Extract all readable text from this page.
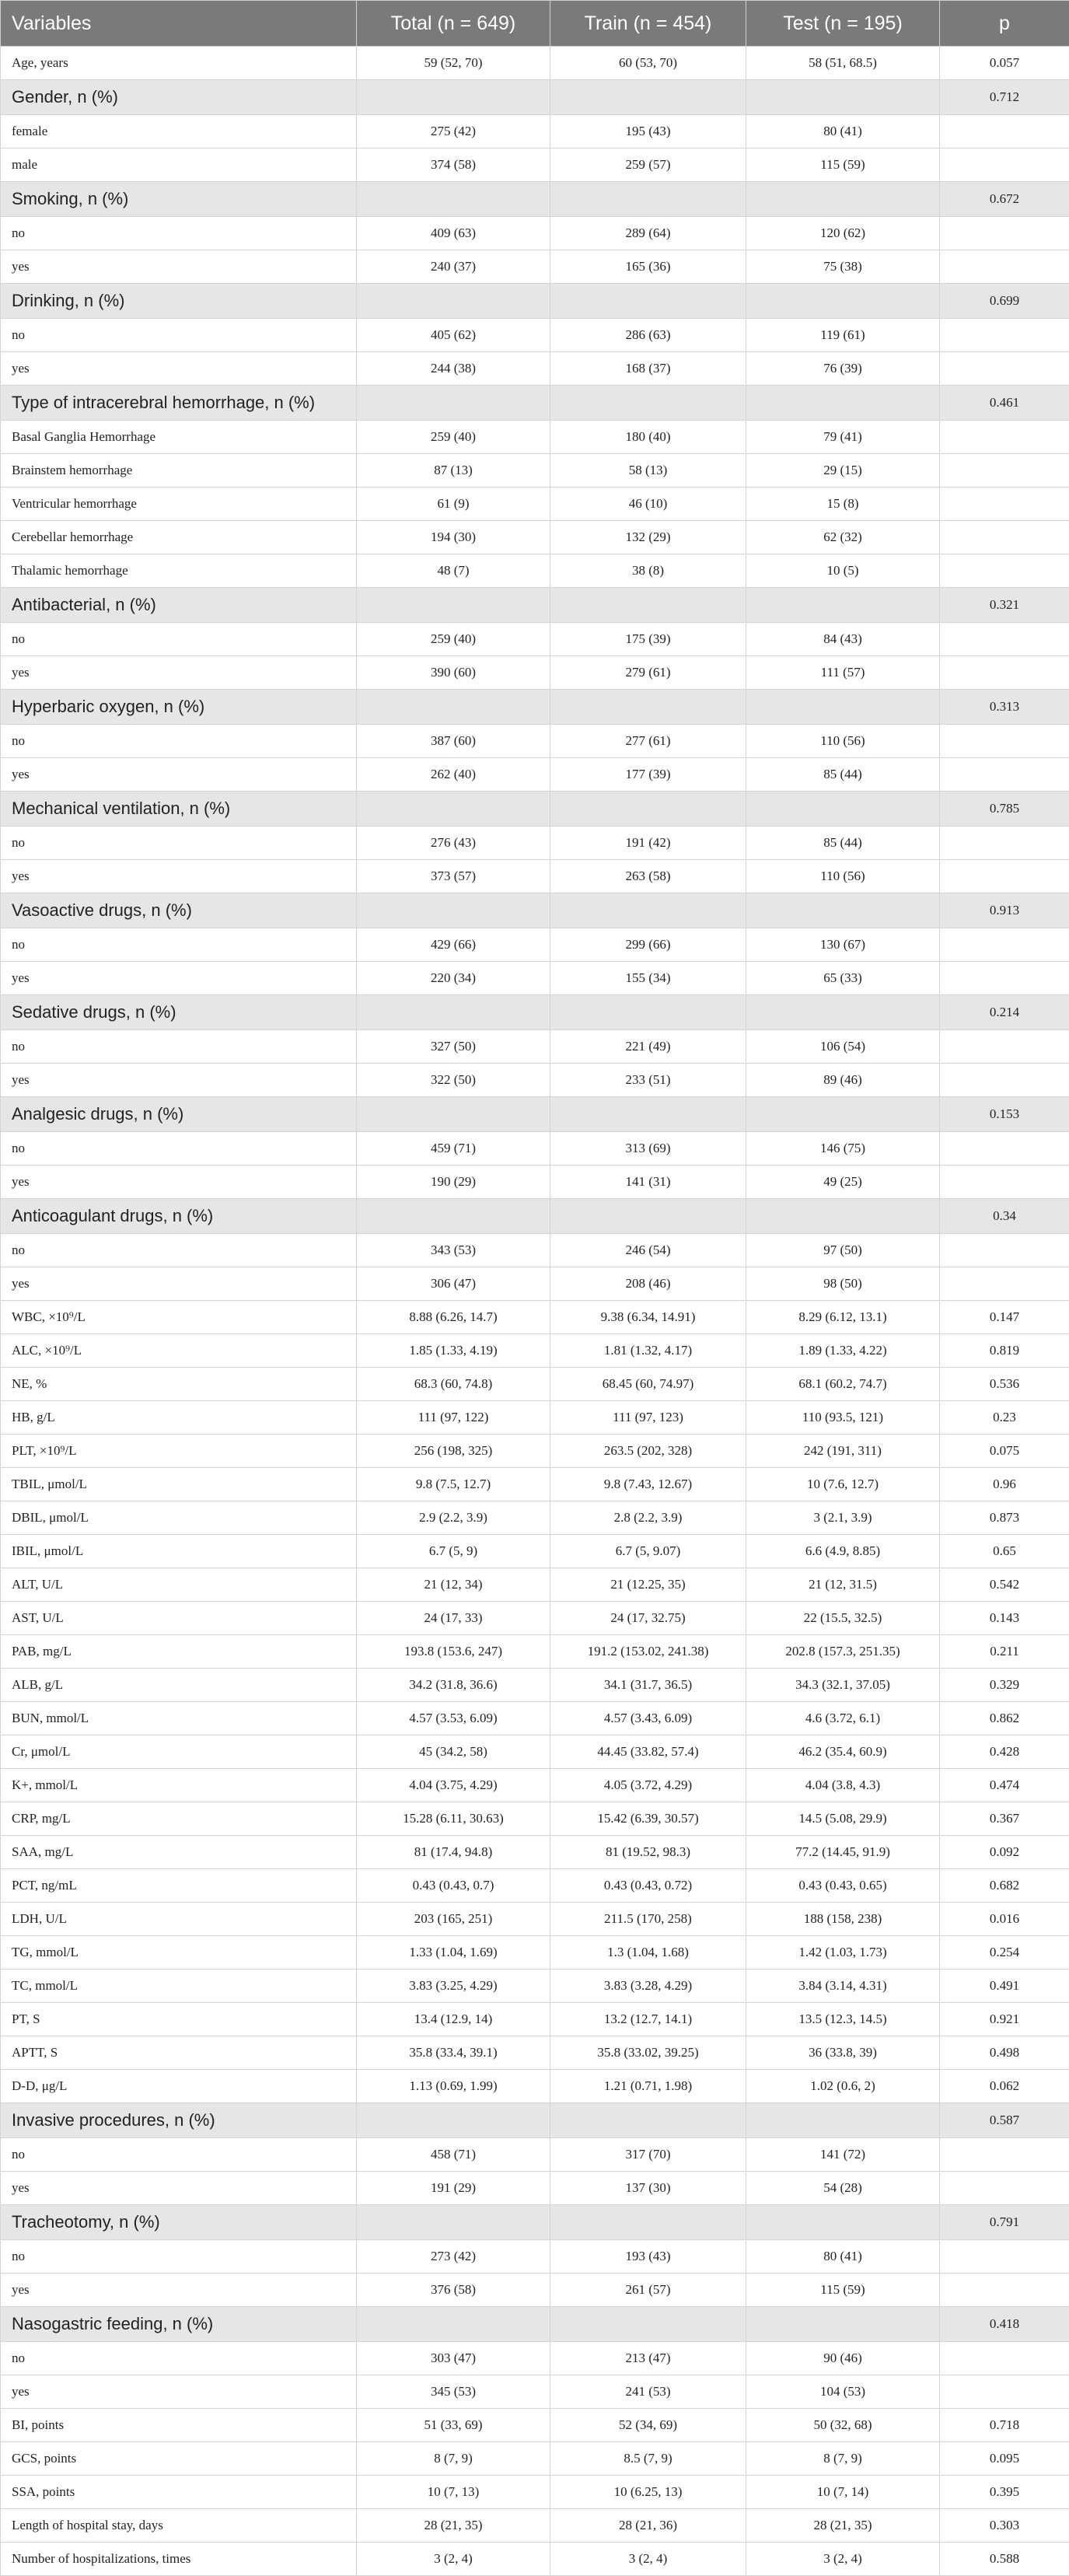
Variables	Total (n = 649)	Train (n = 454)	Test (n = 195)	p
Age, years	59 (52, 70)	60 (53, 70)	58 (51, 68.5)	0.057
Gender, n (%)				0.712
female	275 (42)	195 (43)	80 (41)	
male	374 (58)	259 (57)	115 (59)	
Smoking, n (%)				0.672
no	409 (63)	289 (64)	120 (62)	
yes	240 (37)	165 (36)	75 (38)	
Drinking, n (%)				0.699
no	405 (62)	286 (63)	119 (61)	
yes	244 (38)	168 (37)	76 (39)	
Type of intracerebral hemorrhage, n (%)				0.461
Basal Ganglia Hemorrhage	259 (40)	180 (40)	79 (41)	
Brainstem hemorrhage	87 (13)	58 (13)	29 (15)	
Ventricular hemorrhage	61 (9)	46 (10)	15 (8)	
Cerebellar hemorrhage	194 (30)	132 (29)	62 (32)	
Thalamic hemorrhage	48 (7)	38 (8)	10 (5)	
Antibacterial, n (%)				0.321
no	259 (40)	175 (39)	84 (43)	
yes	390 (60)	279 (61)	111 (57)	
Hyperbaric oxygen, n (%)				0.313
no	387 (60)	277 (61)	110 (56)	
yes	262 (40)	177 (39)	85 (44)	
Mechanical ventilation, n (%)				0.785
no	276 (43)	191 (42)	85 (44)	
yes	373 (57)	263 (58)	110 (56)	
Vasoactive drugs, n (%)				0.913
no	429 (66)	299 (66)	130 (67)	
yes	220 (34)	155 (34)	65 (33)	
Sedative drugs, n (%)				0.214
no	327 (50)	221 (49)	106 (54)	
yes	322 (50)	233 (51)	89 (46)	
Analgesic drugs, n (%)				0.153
no	459 (71)	313 (69)	146 (75)	
yes	190 (29)	141 (31)	49 (25)	
Anticoagulant drugs, n (%)				0.34
no	343 (53)	246 (54)	97 (50)	
yes	306 (47)	208 (46)	98 (50)	
WBC, ×10⁹/L	8.88 (6.26, 14.7)	9.38 (6.34, 14.91)	8.29 (6.12, 13.1)	0.147
ALC, ×10⁹/L	1.85 (1.33, 4.19)	1.81 (1.32, 4.17)	1.89 (1.33, 4.22)	0.819
NE, %	68.3 (60, 74.8)	68.45 (60, 74.97)	68.1 (60.2, 74.7)	0.536
HB, g/L	111 (97, 122)	111 (97, 123)	110 (93.5, 121)	0.23
PLT, ×10⁹/L	256 (198, 325)	263.5 (202, 328)	242 (191, 311)	0.075
TBIL, μmol/L	9.8 (7.5, 12.7)	9.8 (7.43, 12.67)	10 (7.6, 12.7)	0.96
DBIL, μmol/L	2.9 (2.2, 3.9)	2.8 (2.2, 3.9)	3 (2.1, 3.9)	0.873
IBIL, μmol/L	6.7 (5, 9)	6.7 (5, 9.07)	6.6 (4.9, 8.85)	0.65
ALT, U/L	21 (12, 34)	21 (12.25, 35)	21 (12, 31.5)	0.542
AST, U/L	24 (17, 33)	24 (17, 32.75)	22 (15.5, 32.5)	0.143
PAB, mg/L	193.8 (153.6, 247)	191.2 (153.02, 241.38)	202.8 (157.3, 251.35)	0.211
ALB, g/L	34.2 (31.8, 36.6)	34.1 (31.7, 36.5)	34.3 (32.1, 37.05)	0.329
BUN, mmol/L	4.57 (3.53, 6.09)	4.57 (3.43, 6.09)	4.6 (3.72, 6.1)	0.862
Cr, μmol/L	45 (34.2, 58)	44.45 (33.82, 57.4)	46.2 (35.4, 60.9)	0.428
K+, mmol/L	4.04 (3.75, 4.29)	4.05 (3.72, 4.29)	4.04 (3.8, 4.3)	0.474
CRP, mg/L	15.28 (6.11, 30.63)	15.42 (6.39, 30.57)	14.5 (5.08, 29.9)	0.367
SAA, mg/L	81 (17.4, 94.8)	81 (19.52, 98.3)	77.2 (14.45, 91.9)	0.092
PCT, ng/mL	0.43 (0.43, 0.7)	0.43 (0.43, 0.72)	0.43 (0.43, 0.65)	0.682
LDH, U/L	203 (165, 251)	211.5 (170, 258)	188 (158, 238)	0.016
TG, mmol/L	1.33 (1.04, 1.69)	1.3 (1.04, 1.68)	1.42 (1.03, 1.73)	0.254
TC, mmol/L	3.83 (3.25, 4.29)	3.83 (3.28, 4.29)	3.84 (3.14, 4.31)	0.491
PT, S	13.4 (12.9, 14)	13.2 (12.7, 14.1)	13.5 (12.3, 14.5)	0.921
APTT, S	35.8 (33.4, 39.1)	35.8 (33.02, 39.25)	36 (33.8, 39)	0.498
D-D, μg/L	1.13 (0.69, 1.99)	1.21 (0.71, 1.98)	1.02 (0.6, 2)	0.062
Invasive procedures, n (%)				0.587
no	458 (71)	317 (70)	141 (72)	
yes	191 (29)	137 (30)	54 (28)	
Tracheotomy, n (%)				0.791
no	273 (42)	193 (43)	80 (41)	
yes	376 (58)	261 (57)	115 (59)	
Nasogastric feeding, n (%)				0.418
no	303 (47)	213 (47)	90 (46)	
yes	345 (53)	241 (53)	104 (53)	
BI, points	51 (33, 69)	52 (34, 69)	50 (32, 68)	0.718
GCS, points	8 (7, 9)	8.5 (7, 9)	8 (7, 9)	0.095
SSA, points	10 (7, 13)	10 (6.25, 13)	10 (7, 14)	0.395
Length of hospital stay, days	28 (21, 35)	28 (21, 36)	28 (21, 35)	0.303
Number of hospitalizations, times	3 (2, 4)	3 (2, 4)	3 (2, 4)	0.588
